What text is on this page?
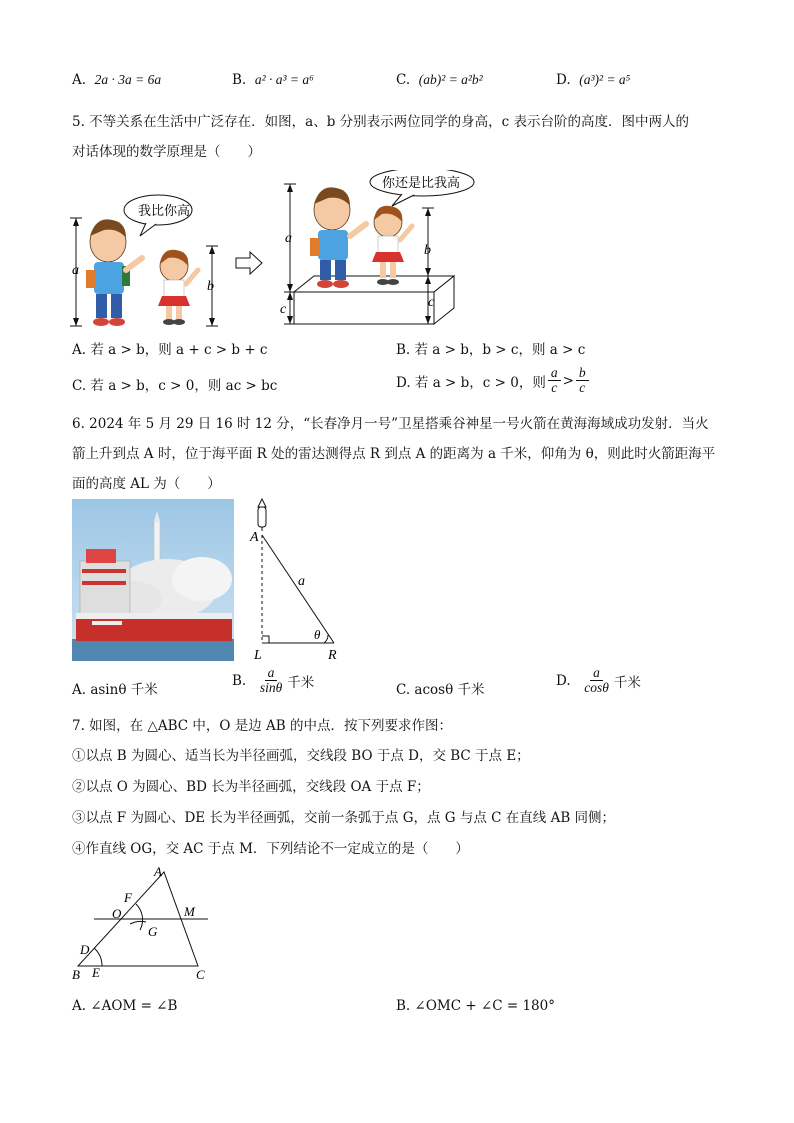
A. 2a · 3a = 6a	B. a² · a³ = a⁶	C. (ab)² = a²b²	D. (a³)² = a⁵
5. 不等关系在生活中广泛存在．如图，a、b 分别表示两位同学的身高，c 表示台阶的高度．图中两人的
对话体现的数学原理是（　　）
a
我比你高
b
a
c
你还是比我高
b
c
A. 若 a > b，则 a + c > b + c	B. 若 a > b，b > c，则 a > c
C. 若 a > b，c > 0，则 ac > bc	D. 若 a > b，c > 0，则 $\frac{a}{c} > \frac{b}{c}$
6. 2024 年 5 月 29 日 16 时 12 分，“长春净月一号”卫星搭乘谷神星一号火箭在黄海海域成功发射．当火
箭上升到点 A 时，位于海平面 R 处的雷达测得点 R 到点 A 的距离为 a 千米，仰角为 θ，则此时火箭距海平
面的高度 AL 为（　　）
A
a
θ
L	R
A. asinθ 千米
B.
$\frac{a}{\sin\theta}$ 千米	C. acosθ 千米
D.
$\frac{a}{\cos\theta}$ 千米
7. 如图，在 △ABC 中，O 是边 AB 的中点．按下列要求作图：
①以点 B 为圆心、适当长为半径画弧，交线段 BO 于点 D，交 BC 于点 E；
②以点 O 为圆心、BD 长为半径画弧，交线段 OA 于点 F；
③以点 F 为圆心、DE 长为半径画弧，交前一条弧于点 G，点 G 与点 C 在直线 AB 同侧；
④作直线 OG，交 AC 于点 M．下列结论不一定成立的是（　　）
A
B	C
O
F
G
M
D
E
A. ∠AOM = ∠B	B. ∠OMC + ∠C = 180°
